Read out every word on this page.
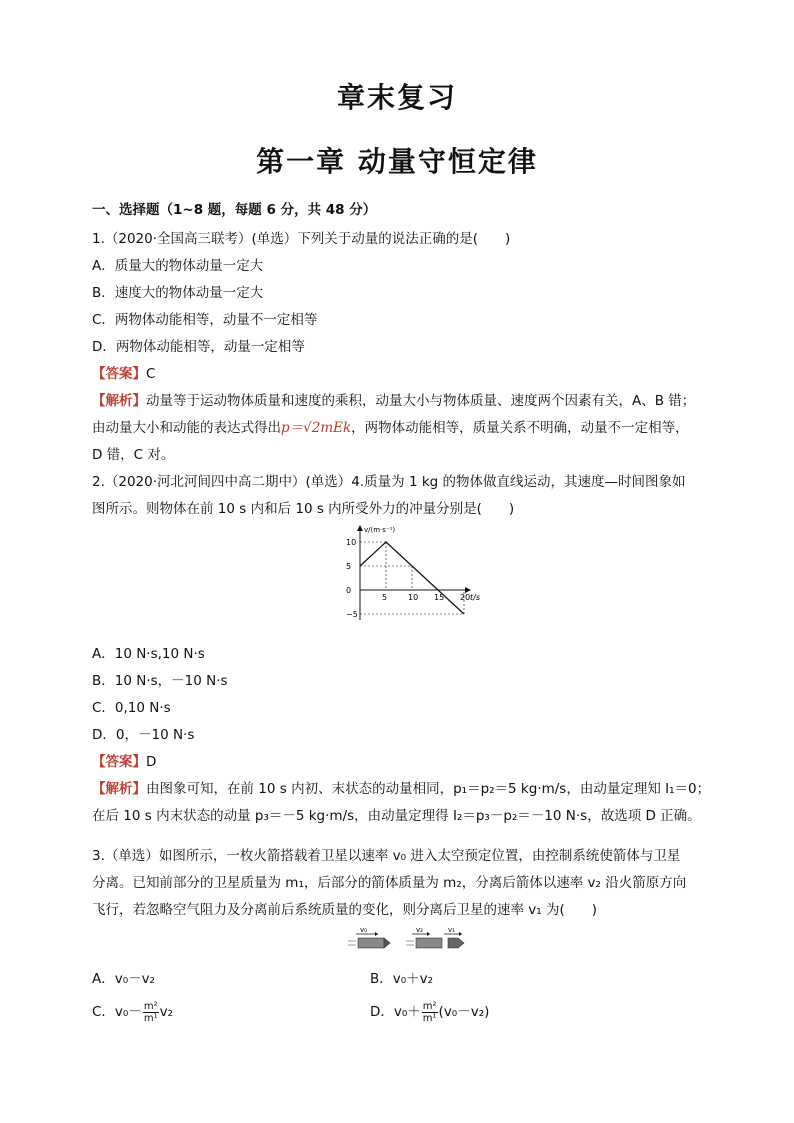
章末复习
第一章 动量守恒定律
一、选择题（1~8 题，每题 6 分，共 48 分）
1.（2020·全国高三联考）(单选）下列关于动量的说法正确的是(　　)
A．质量大的物体动量一定大
B．速度大的物体动量一定大
C．两物体动能相等，动量不一定相等
D．两物体动能相等，动量一定相等
【答案】C
【解析】动量等于运动物体质量和速度的乘积，动量大小与物体质量、速度两个因素有关，A、B 错；
由动量大小和动能的表达式得出p＝√2mEk，两物体动能相等，质量关系不明确，动量不一定相等，
D 错，C 对。
2.（2020·河北河间四中高二期中）(单选）4.质量为 1 kg 的物体做直线运动，其速度—时间图象如
图所示。则物体在前 10 s 内和后 10 s 内所受外力的冲量分别是(　　)
v/(m·s⁻¹)
t/s
5	10 15 20
10
5
0
−5
A．10 N·s,10 N·s
B．10 N·s，－10 N·s
C．0,10 N·s
D．0，－10 N·s
【答案】D
【解析】由图象可知，在前 10 s 内初、末状态的动量相同，p₁＝p₂＝5 kg·m/s，由动量定理知 I₁＝0；
在后 10 s 内末状态的动量 p₃＝－5 kg·m/s，由动量定理得 I₂＝p₃－p₂＝－10 N·s，故选项 D 正确。
3.（单选）如图所示，一枚火箭搭载着卫星以速率 v₀ 进入太空预定位置，由控制系统使箭体与卫星
分离。已知前部分的卫星质量为 m₁，后部分的箭体质量为 m₂，分离后箭体以速率 v₂ 沿火箭原方向
飞行，若忽略空气阻力及分离前后系统质量的变化，则分离后卫星的速率 v₁ 为(　　)
v₀	v₂	v₁
A．v₀－v₂	B．v₀＋v₂
C．$v_0- \frac{\text{m²}}{\text{m¹}} v_2$	D．$v_0+ \frac{\text{m²}}{\text{m¹}} (v_0-v_2)$
